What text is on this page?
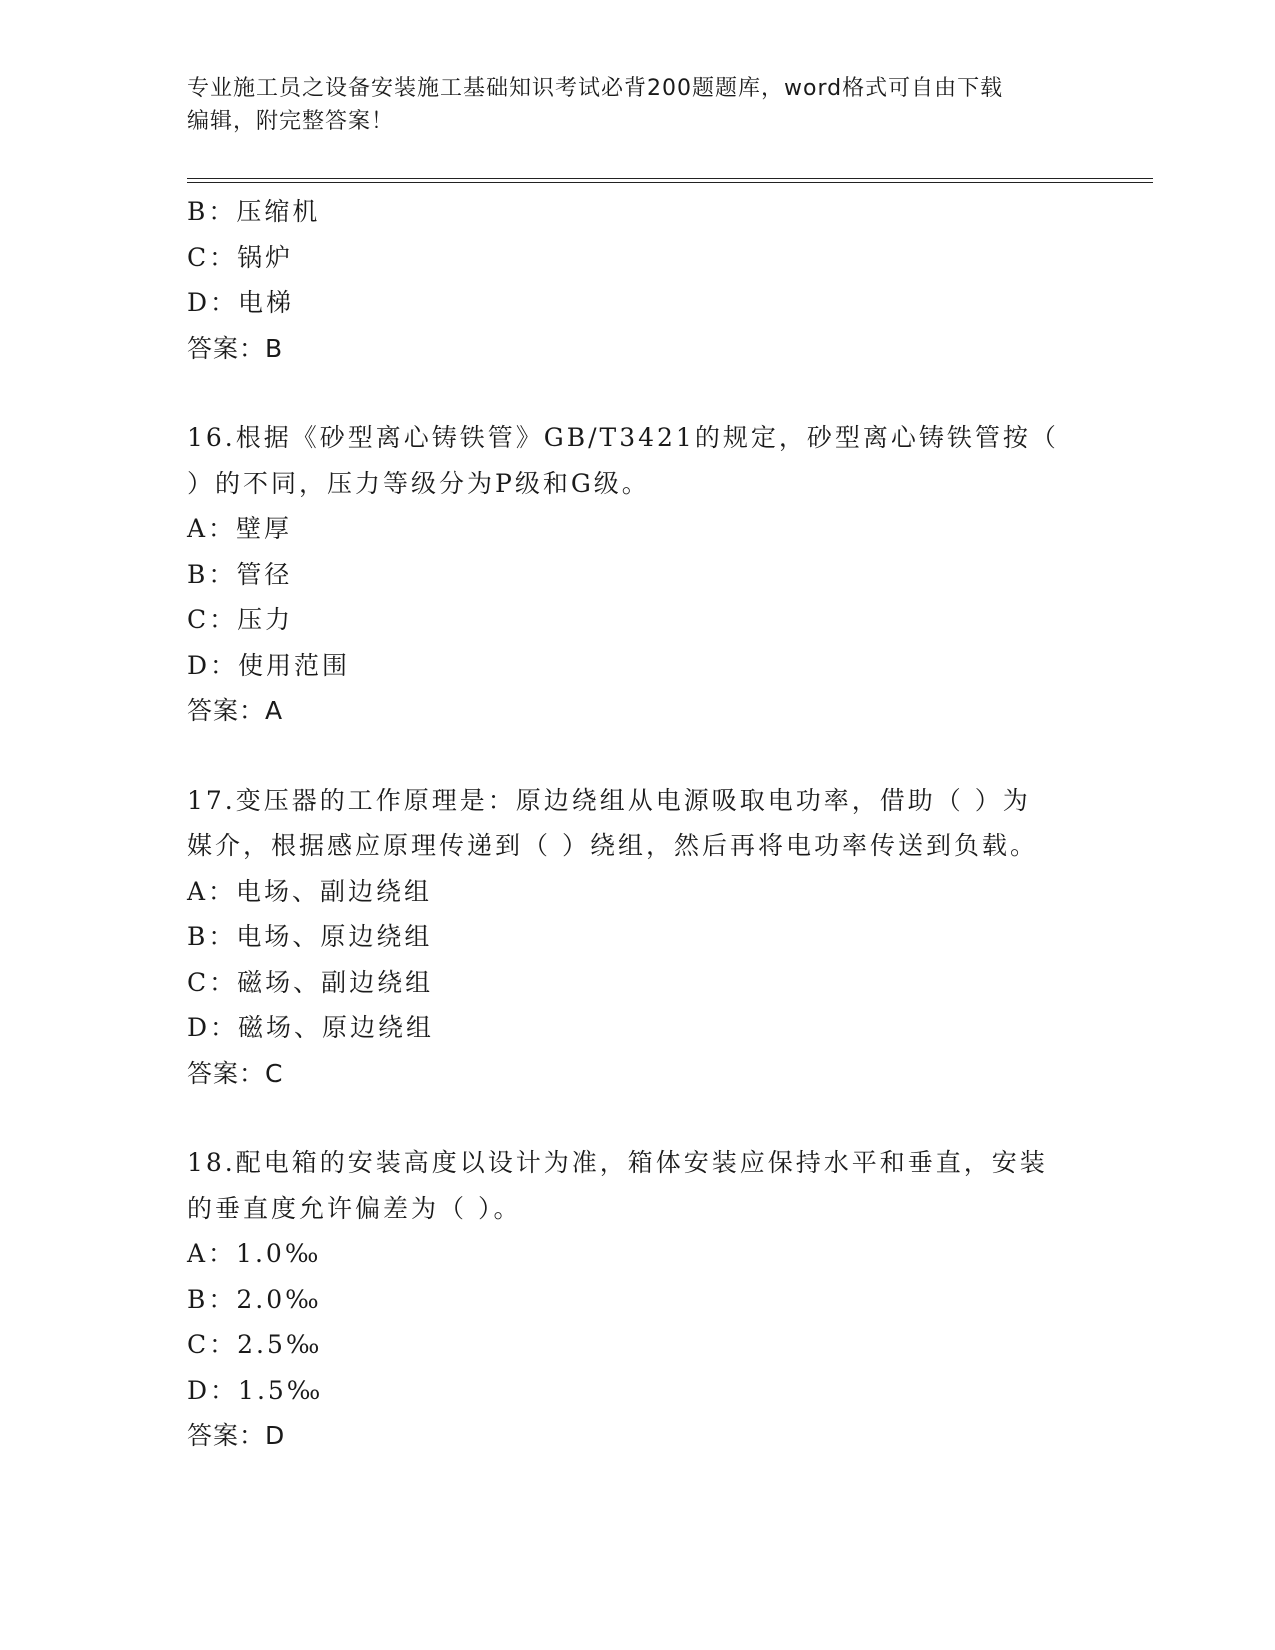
专业施工员之设备安装施工基础知识考试必背200题题库，word格式可自由下载
编辑，附完整答案！
B：压缩机
C：锅炉
D：电梯
答案：B
16.根据《砂型离心铸铁管》GB/T3421的规定，砂型离心铸铁管按（
）的不同，压力等级分为P级和G级。
A：壁厚
B：管径
C：压力
D：使用范围
答案：A
17.变压器的工作原理是：原边绕组从电源吸取电功率，借助（ ）为
媒介，根据感应原理传递到（ ）绕组，然后再将电功率传送到负载。
A：电场、副边绕组
B：电场、原边绕组
C：磁场、副边绕组
D：磁场、原边绕组
答案：C
18.配电箱的安装高度以设计为准，箱体安装应保持水平和垂直，安装
的垂直度允许偏差为（ ）。
A：1.0‰
B：2.0‰
C：2.5‰
D：1.5‰
答案：D
